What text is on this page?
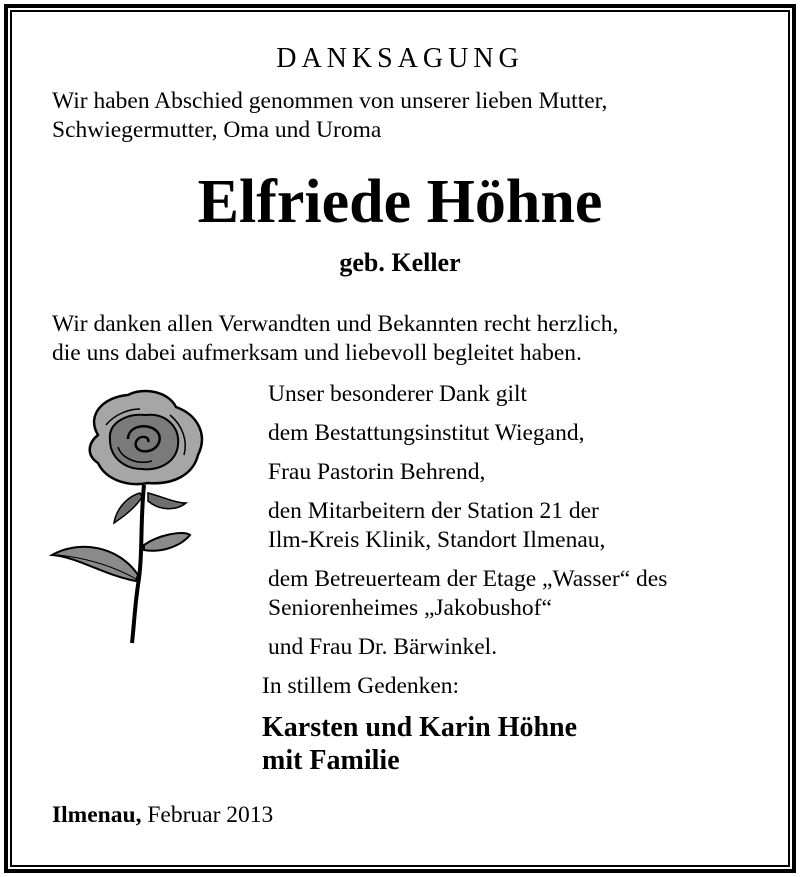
DANKSAGUNG

Wir haben Abschied genommen von unserer lieben Mutter,
Schwiegermutter, Oma und Uroma

Elfriede Höhne

geb. Keller

Wir danken allen Verwandten und Bekannten recht herzlich,
die uns dabei aufmerksam und liebevoll begleitet haben.

Unser besonderer Dank gilt
dem Bestattungsinstitut Wiegand,
Frau Pastorin Behrend,
den Mitarbeitern der Station 21 der
Ilm-Kreis Klinik, Standort Ilmenau,
dem Betreuerteam der Etage „Wasser“ des
Seniorenheimes „Jakobushof“
und Frau Dr. Bärwinkel.

In stillem Gedenken:

Karsten und Karin Höhne
mit Familie

Ilmenau, Februar 2013
